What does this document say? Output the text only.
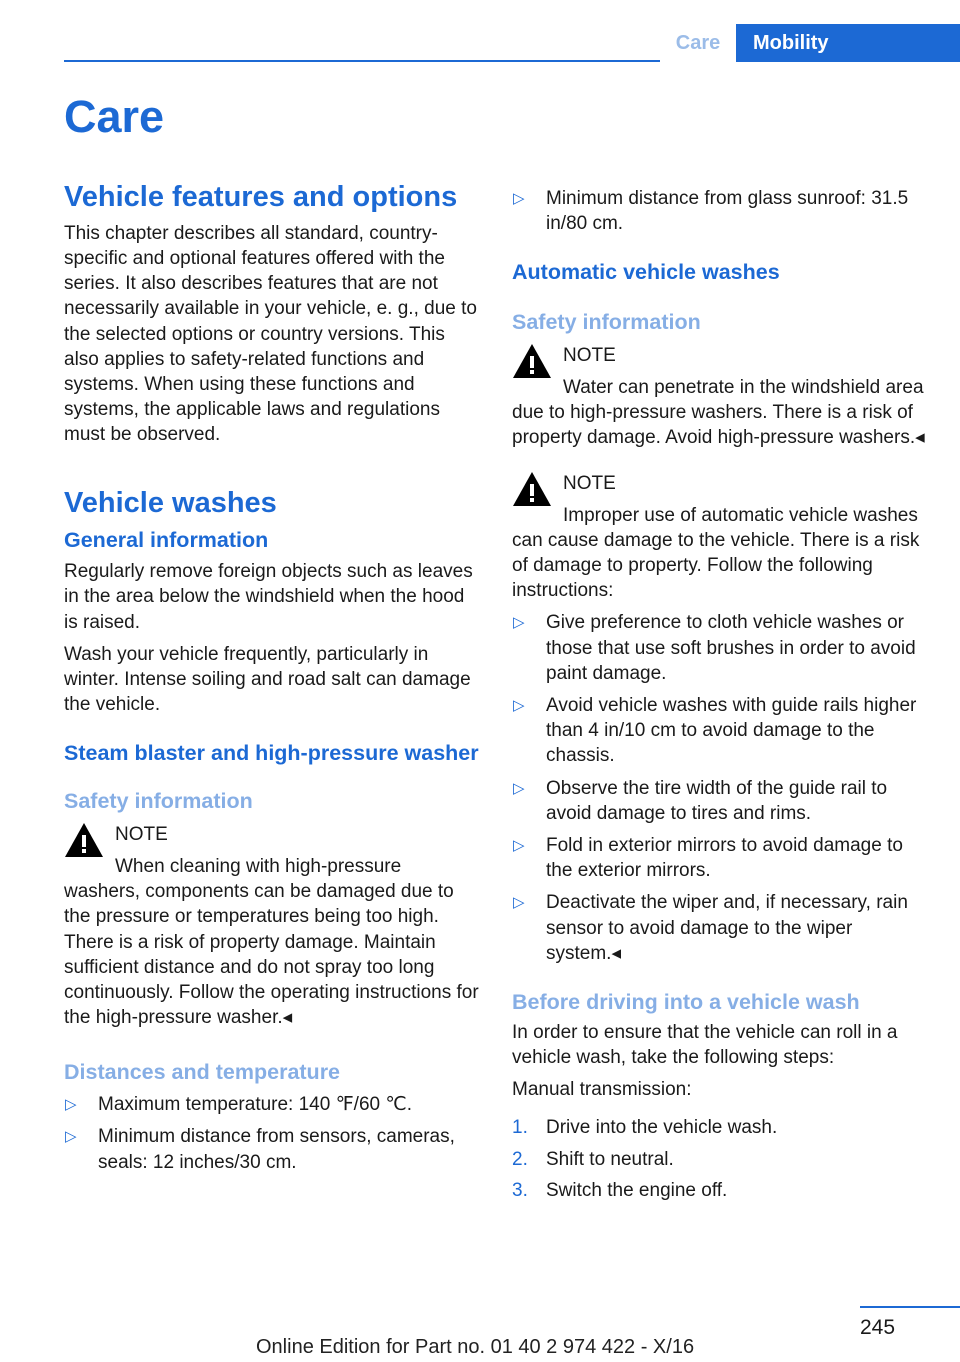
Care	Mobility
Care
Vehicle features and options

This chapter describes all standard, country-specific and optional features offered with the series. It also describes features that are not necessarily available in your vehicle, e. g., due to the selected options or country versions. This also applies to safety-related functions and systems. When using these functions and systems, the applicable laws and regulations must be observed.

Vehicle washes
General information

Regularly remove foreign objects such as leaves in the area below the windshield when the hood is raised.

Wash your vehicle frequently, particularly in winter. Intense soiling and road salt can damage the vehicle.

Steam blaster and high-pressure washer
Safety information
NOTE
When cleaning with high-pressure washers, components can be damaged due to the pressure or temperatures being too high. There is a risk of property damage. Maintain sufficient distance and do not spray too long continuously. Follow the operating instructions for the high-pressure washer.◂
Distances and temperature
▷ Maximum temperature: 140 ℉/60 ℃.
▷ Minimum distance from sensors, cameras, seals: 12 inches/30 cm.
▷ Minimum distance from glass sunroof: 31.5 in/80 cm.
Automatic vehicle washes
Safety information
NOTE
Water can penetrate in the windshield area due to high-pressure washers. There is a risk of property damage. Avoid high-pressure washers.◂
NOTE
Improper use of automatic vehicle washes can cause damage to the vehicle. There is a risk of damage to property. Follow the following instructions:
▷ Give preference to cloth vehicle washes or those that use soft brushes in order to avoid paint damage.
▷ Avoid vehicle washes with guide rails higher than 4 in/10 cm to avoid damage to the chassis.
▷ Observe the tire width of the guide rail to avoid damage to tires and rims.
▷ Fold in exterior mirrors to avoid damage to the exterior mirrors.
▷ Deactivate the wiper and, if necessary, rain sensor to avoid damage to the wiper system.◂
Before driving into a vehicle wash

In order to ensure that the vehicle can roll in a vehicle wash, take the following steps:

Manual transmission:

1. Drive into the vehicle wash.
2. Shift to neutral.
3. Switch the engine off.
245
Online Edition for Part no. 01 40 2 974 422 - X/16
